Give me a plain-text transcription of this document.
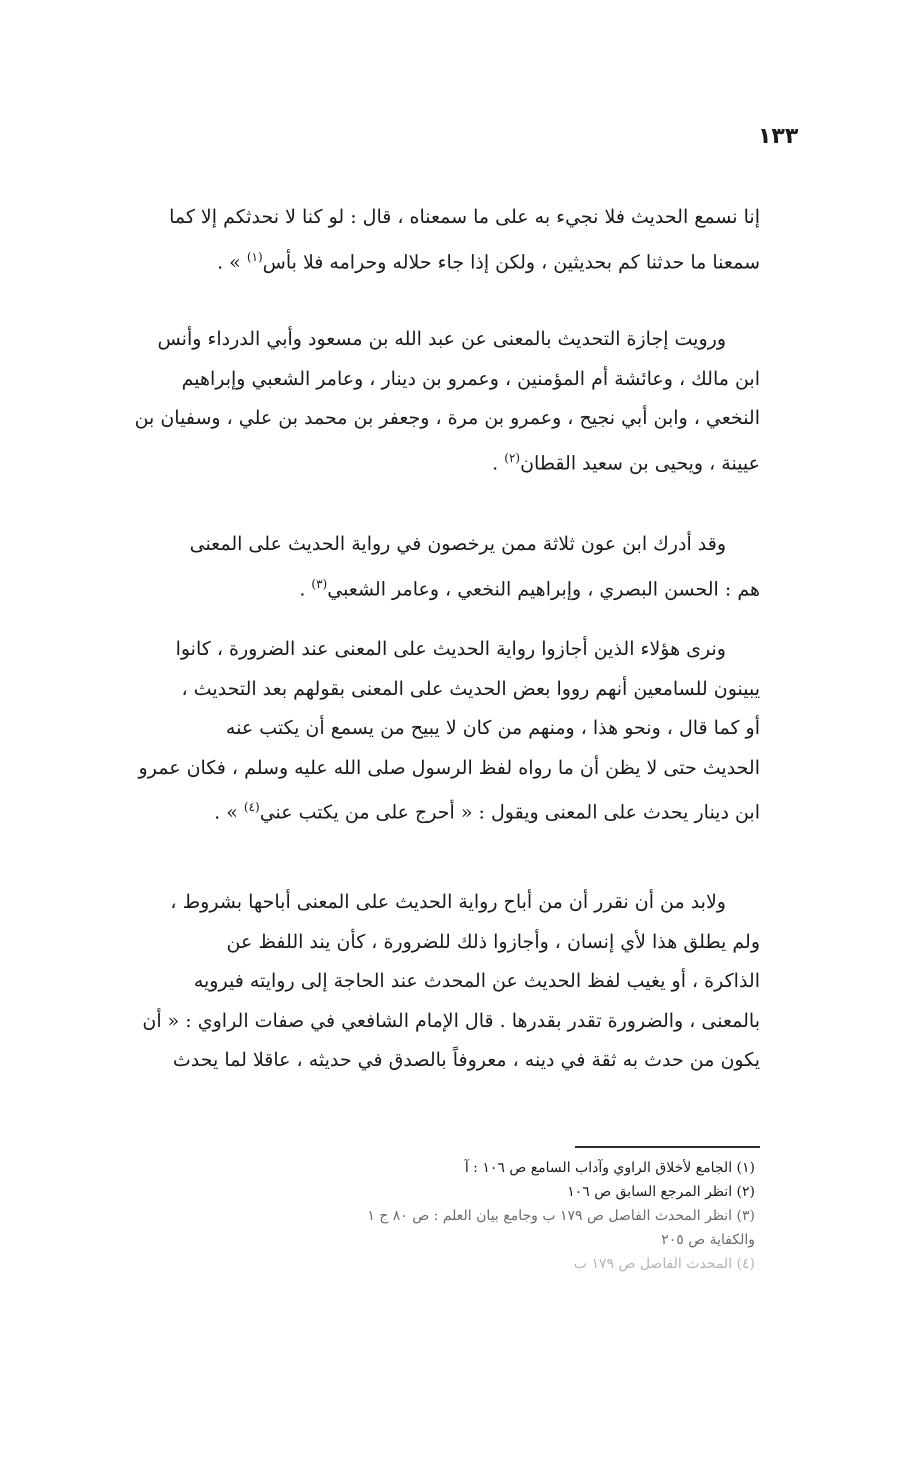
١٣٣

إنا نسمع الحديث فلا نجيء به على ما سمعناه ، قال : لو كنا لا نحدثكم إلا كما

سمعنا ما حدثنا كم بحديثين ، ولكن إذا جاء حلاله وحرامه فلا بأس$^{(١)}$ » .

ورويت إجازة التحديث بالمعنى عن عبد الله بن مسعود وأبي الدرداء وأنس

ابن مالك ، وعائشة أم المؤمنين ، وعمرو بن دينار ، وعامر الشعبي وإبراهيم

النخعي ، وابن أبي نجيح ، وعمرو بن مرة ، وجعفر بن محمد بن علي ، وسفيان بن

عيينة ، ويحيى بن سعيد القطان$^{(٢)}$ .

وقد أدرك ابن عون ثلاثة ممن يرخصون في رواية الحديث على المعنى

هم : الحسن البصري ، وإبراهيم النخعي ، وعامر الشعبي$^{(٣)}$ .

ونرى هؤلاء الذين أجازوا رواية الحديث على المعنى عند الضرورة ، كانوا

يبينون للسامعين أنهم رووا بعض الحديث على المعنى بقولهم بعد التحديث ،

أو كما قال ، ونحو هذا ، ومنهم من كان لا يبيح من يسمع أن يكتب عنه

الحديث حتى لا يظن أن ما رواه لفظ الرسول صلى الله عليه وسلم ، فكان عمرو

ابن دينار يحدث على المعنى ويقول : « أحرج على من يكتب عني$^{(٤)}$ » .

ولابد من أن نقرر أن من أباح رواية الحديث على المعنى أباحها بشروط ،

ولم يطلق هذا لأي إنسان ، وأجازوا ذلك للضرورة ، كأن يند اللفظ عن

الذاكرة ، أو يغيب لفظ الحديث عن المحدث عند الحاجة إلى روايته فيرويه

بالمعنى ، والضرورة تقدر بقدرها . قال الإمام الشافعي في صفات الراوي : « أن

يكون من حدث به ثقة في دينه ، معروفاً بالصدق في حديثه ، عاقلا لما يحدث

(١) الجامع لأخلاق الراوي وآداب السامع ص ١٠٦ : آ

(٢) انظر المرجع السابق ص ١٠٦

(٣) انظر المحدث الفاصل ص ١٧٩ ب وجامع بيان العلم : ص ٨٠ ج ١

والكفاية ص ٢٠٥

(٤) المحدث الفاصل ص ١٧٩ ب
